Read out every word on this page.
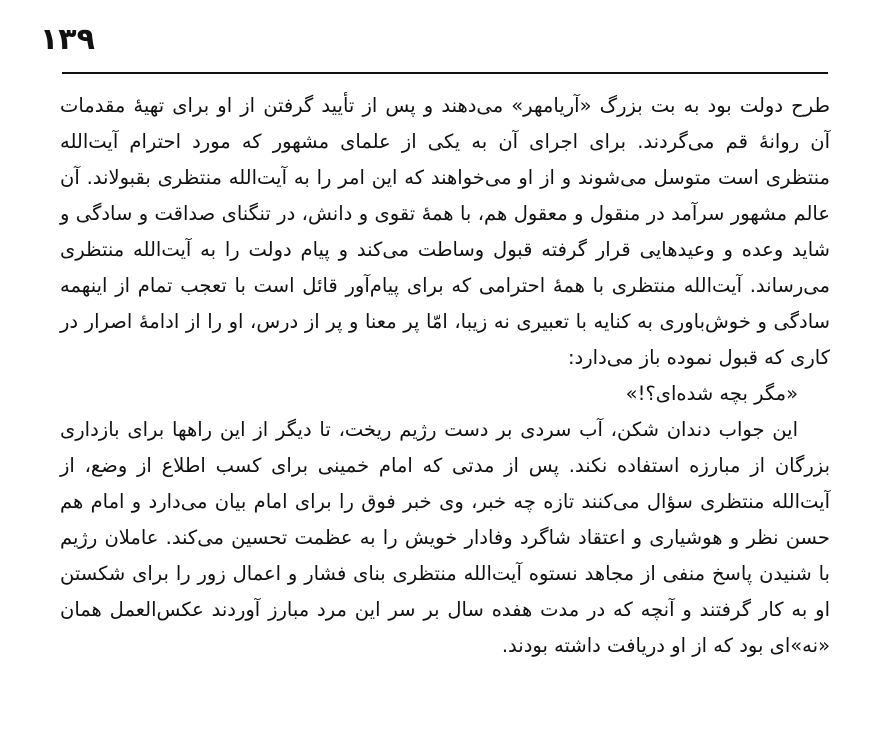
۱۳۹
طرح دولت بود به بت بزرگ «آریامهر» می‌دهند و پس از تأیید گرفتن از او برای تهیهٔ مقدمات
آن روانهٔ قم می‌گردند. برای اجرای آن به یکی از علمای مشهور که مورد احترام آیت‌الله
منتظری است متوسل می‌شوند و از او می‌خواهند که این امر را به آیت‌الله منتظری بقبولاند. آن
عالم مشهور سرآمد در منقول و معقول هم، با همهٔ تقوی و دانش، در تنگنای صداقت و سادگی و
شاید وعده و وعیدهایی قرار گرفته قبول وساطت می‌کند و پیام دولت را به آیت‌الله منتظری
می‌رساند. آیت‌الله منتظری با همهٔ احترامی که برای پیام‌آور قائل است با تعجب تمام از اینهمه
سادگی و خوش‌باوری به کنایه با تعبیری نه زیبا، امّا پر معنا و پر از درس، او را از ادامهٔ اصرار در
کاری که قبول نموده باز می‌دارد:
«مگر بچه شده‌ای؟!»
این جواب دندان شکن، آب سردی بر دست رژیم ریخت، تا دیگر از این راهها برای بازداری
بزرگان از مبارزه استفاده نکند. پس از مدتی که امام خمینی برای کسب اطلاع از وضع، از
آیت‌الله منتظری سؤال می‌کنند تازه چه خبر، وی خبر فوق را برای امام بیان می‌دارد و امام هم
حسن نظر و هوشیاری و اعتقاد شاگرد وفادار خویش را به عظمت تحسین می‌کند. عاملان رژیم
با شنیدن پاسخ منفی از مجاهد نستوه آیت‌الله منتظری بنای فشار و اعمال زور را برای شکستن
او به کار گرفتند و آنچه که در مدت هفده سال بر سر این مرد مبارز آوردند عکس‌العمل همان
«نه»ای بود که از او دریافت داشته بودند.
